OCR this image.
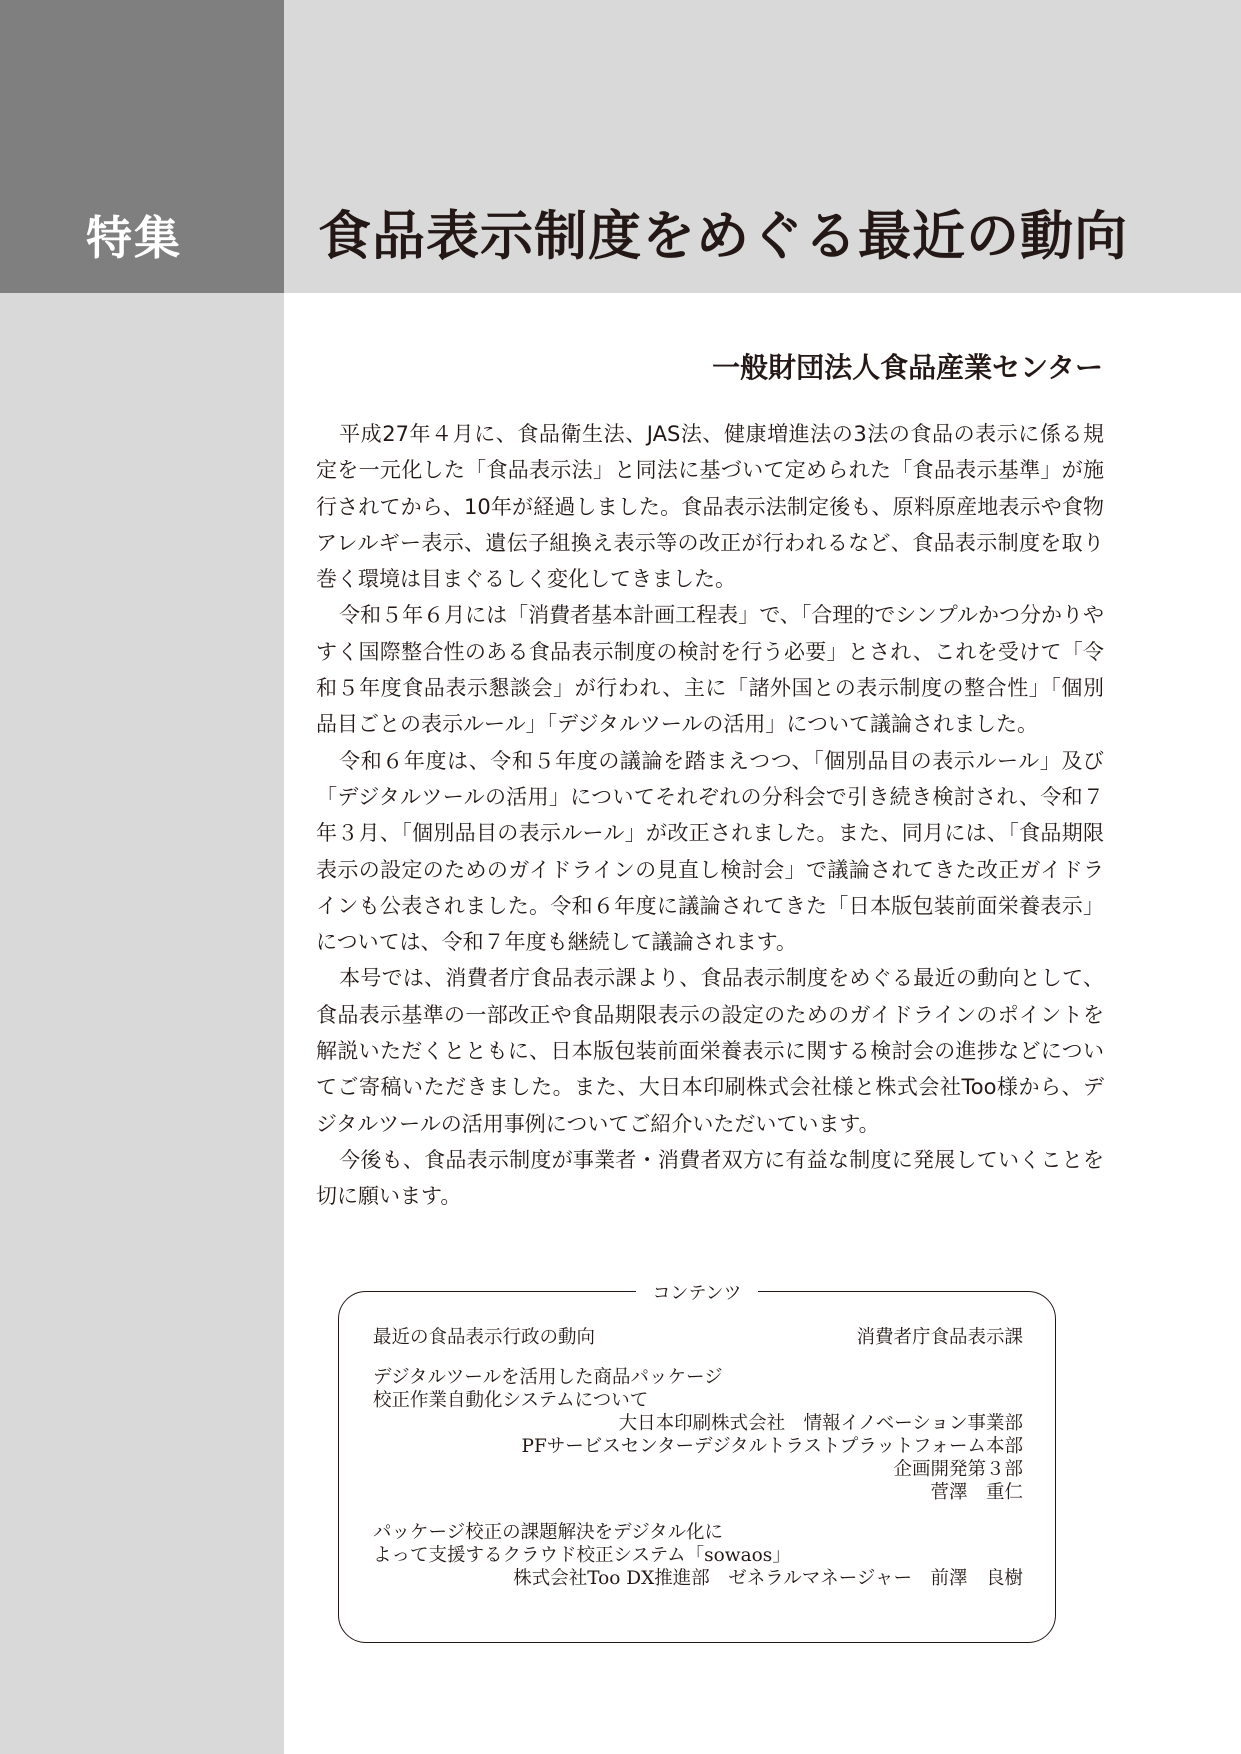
特集	食品表示制度をめぐる最近の動向
一般財団法人食品産業センター

平成27年４月に、食品衛生法、JAS法、健康増進法の3法の食品の表示に係る規定を一元化した「食品表示法」と同法に基づいて定められた「食品表示基準」が施行されてから、10年が経過しました。食品表示法制定後も、原料原産地表示や食物アレルギー表示、遺伝子組換え表示等の改正が行われるなど、食品表示制度を取り巻く環境は目まぐるしく変化してきました。

令和５年６月には「消費者基本計画工程表」で、「合理的でシンプルかつ分かりやすく国際整合性のある食品表示制度の検討を行う必要」とされ、これを受けて「令和５年度食品表示懇談会」が行われ、主に「諸外国との表示制度の整合性」「個別品目ごとの表示ルール」「デジタルツールの活用」について議論されました。

令和６年度は、令和５年度の議論を踏まえつつ、「個別品目の表示ルール」及び「デジタルツールの活用」についてそれぞれの分科会で引き続き検討され、令和７年３月、「個別品目の表示ルール」が改正されました。また、同月には、「食品期限表示の設定のためのガイドラインの見直し検討会」で議論されてきた改正ガイドラインも公表されました。令和６年度に議論されてきた「日本版包装前面栄養表示」については、令和７年度も継続して議論されます。

本号では、消費者庁食品表示課より、食品表示制度をめぐる最近の動向として、食品表示基準の一部改正や食品期限表示の設定のためのガイドラインのポイントを解説いただくとともに、日本版包装前面栄養表示に関する検討会の進捗などについてご寄稿いただきました。また、大日本印刷株式会社様と株式会社Too様から、デジタルツールの活用事例についてご紹介いただいています。

今後も、食品表示制度が事業者・消費者双方に有益な制度に発展していくことを切に願います。

コンテンツ
最近の食品表示行政の動向	消費者庁食品表示課
デジタルツールを活用した商品パッケージ
校正作業自動化システムについて
大日本印刷株式会社　情報イノベーション事業部
PFサービスセンターデジタルトラストプラットフォーム本部
企画開発第３部
菅澤　重仁
パッケージ校正の課題解決をデジタル化に
よって支援するクラウド校正システム「sowaos」
株式会社Too DX推進部　ゼネラルマネージャー　前澤　良樹
